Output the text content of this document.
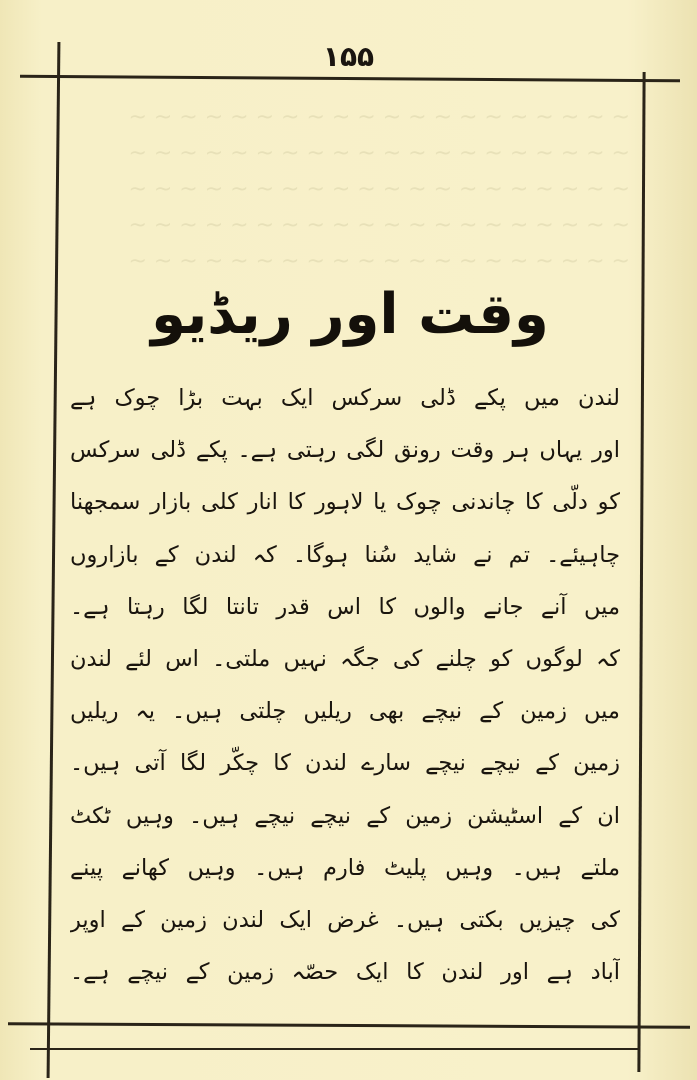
~ ~ ~ ~ ~ ~ ~ ~ ~ ~ ~ ~ ~ ~ ~ ~ ~ ~ ~ ~
~ ~ ~ ~ ~ ~ ~ ~ ~ ~ ~ ~ ~ ~ ~ ~ ~ ~ ~ ~
~ ~ ~ ~ ~ ~ ~ ~ ~ ~ ~ ~ ~ ~ ~ ~ ~ ~ ~ ~
~ ~ ~ ~ ~ ~ ~ ~ ~ ~ ~ ~ ~ ~ ~ ~ ~ ~ ~ ~
~ ~ ~ ~ ~ ~ ~ ~ ~ ~ ~ ~ ~ ~ ~ ~ ~ ~ ~ ~
۱۵۵
وقت اور ریڈیو
لندن میں پکے ڈلی سرکس ایک بہت بڑا چوک ہے
اور یہاں ہر وقت رونق لگی رہتی ہے۔ پکے ڈلی سرکس
کو دلّی کا چاندنی چوک یا لاہور کا انار کلی بازار سمجھنا
چاہیئے۔ تم نے شاید سُنا ہوگا۔ کہ لندن کے بازاروں
میں آنے جانے والوں کا اس قدر تانتا لگا رہتا ہے۔
کہ لوگوں کو چلنے کی جگہ نہیں ملتی۔ اس لئے لندن
میں زمین کے نیچے بھی ریلیں چلتی ہیں۔ یہ ریلیں
زمین کے نیچے نیچے سارے لندن کا چکّر لگا آتی ہیں۔
ان کے اسٹیشن زمین کے نیچے نیچے ہیں۔ وہیں ٹکٹ
ملتے ہیں۔ وہیں پلیٹ فارم ہیں۔ وہیں کھانے پینے
کی چیزیں بکتی ہیں۔ غرض ایک لندن زمین کے اوپر
آباد ہے اور لندن کا ایک حصّہ زمین کے نیچے ہے۔
